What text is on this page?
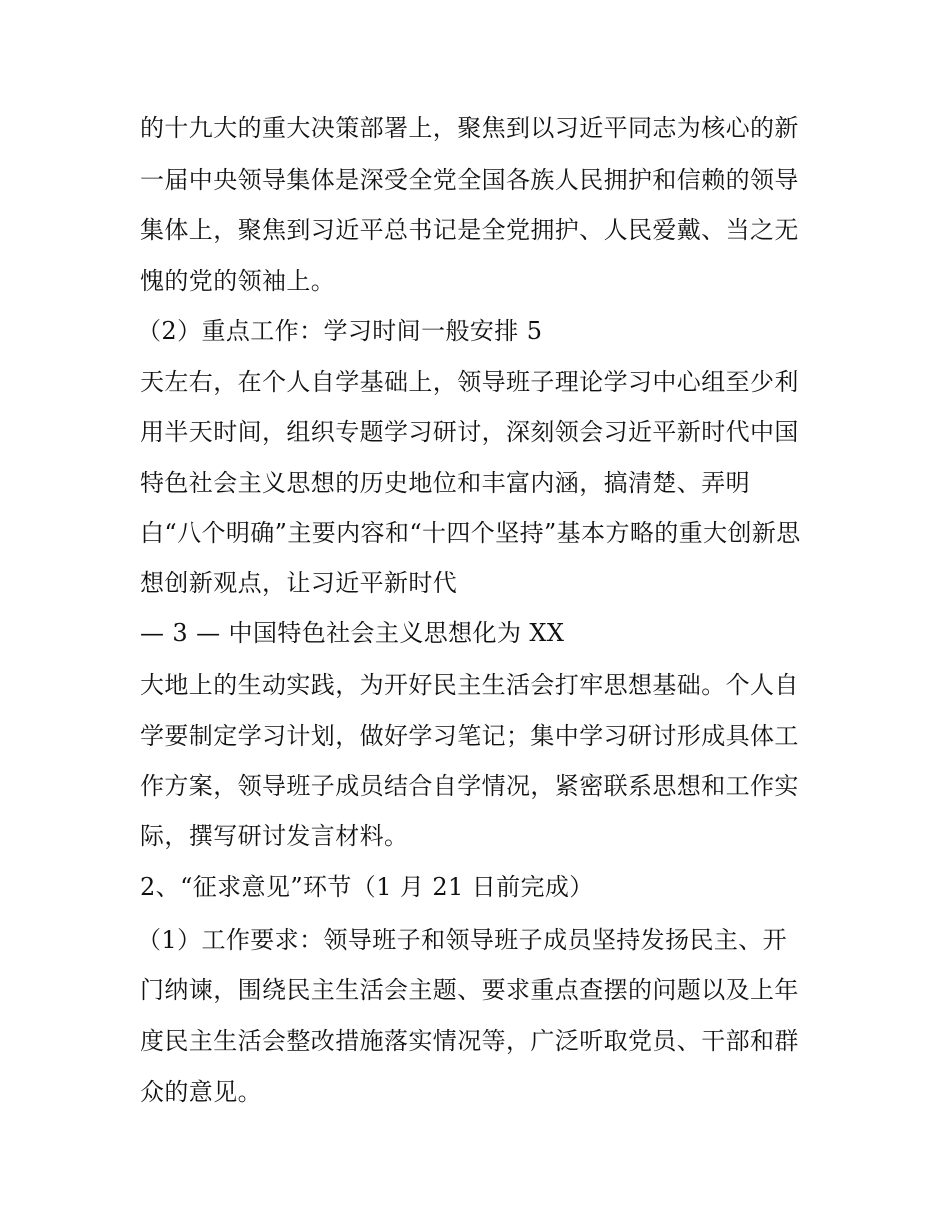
的十九大的重大决策部署上，聚焦到以习近平同志为核心的新
一届中央领导集体是深受全党全国各族人民拥护和信赖的领导
集体上，聚焦到习近平总书记是全党拥护、人民爱戴、当之无
愧的党的领袖上。
（2）重点工作：学习时间一般安排 5
天左右，在个人自学基础上，领导班子理论学习中心组至少利
用半天时间，组织专题学习研讨，深刻领会习近平新时代中国
特色社会主义思想的历史地位和丰富内涵，搞清楚、弄明
白“八个明确”主要内容和“十四个坚持”基本方略的重大创新思
想创新观点，让习近平新时代
— 3 — 中国特色社会主义思想化为 XX
大地上的生动实践，为开好民主生活会打牢思想基础。个人自
学要制定学习计划，做好学习笔记；集中学习研讨形成具体工
作方案，领导班子成员结合自学情况，紧密联系思想和工作实
际，撰写研讨发言材料。
2、“征求意见”环节（1 月 21 日前完成）
（1）工作要求：领导班子和领导班子成员坚持发扬民主、开
门纳谏，围绕民主生活会主题、要求重点查摆的问题以及上年
度民主生活会整改措施落实情况等，广泛听取党员、干部和群
众的意见。
